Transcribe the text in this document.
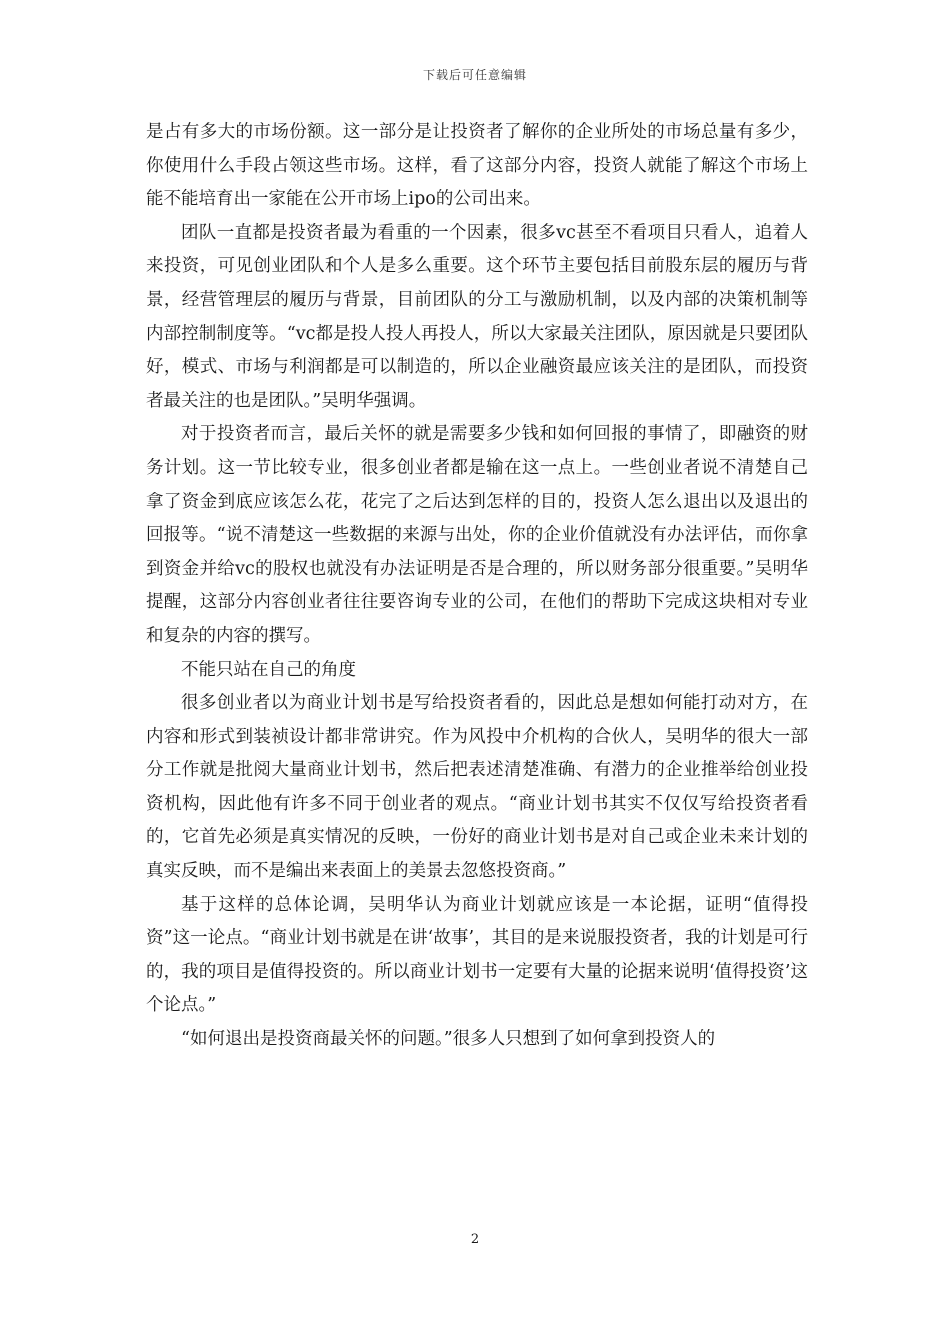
下载后可任意编辑

是占有多大的市场份额。这一部分是让投资者了解你的企业所处的市场总量有多少，你使用什么手段占领这些市场。这样，看了这部分内容，投资人就能了解这个市场上能不能培育出一家能在公开市场上ipo的公司出来。

团队一直都是投资者最为看重的一个因素，很多vc甚至不看项目只看人，追着人来投资，可见创业团队和个人是多么重要。这个环节主要包括目前股东层的履历与背景，经营管理层的履历与背景，目前团队的分工与激励机制，以及内部的决策机制等内部控制制度等。“vc都是投人投人再投人，所以大家最关注团队，原因就是只要团队好，模式、市场与利润都是可以制造的，所以企业融资最应该关注的是团队，而投资者最关注的也是团队。”吴明华强调。

对于投资者而言，最后关怀的就是需要多少钱和如何回报的事情了，即融资的财务计划。这一节比较专业，很多创业者都是输在这一点上。一些创业者说不清楚自己拿了资金到底应该怎么花，花完了之后达到怎样的目的，投资人怎么退出以及退出的回报等。“说不清楚这一些数据的来源与出处，你的企业价值就没有办法评估，而你拿到资金并给vc的股权也就没有办法证明是否是合理的，所以财务部分很重要。”吴明华提醒，这部分内容创业者往往要咨询专业的公司，在他们的帮助下完成这块相对专业和复杂的内容的撰写。

不能只站在自己的角度

很多创业者以为商业计划书是写给投资者看的，因此总是想如何能打动对方，在内容和形式到装祯设计都非常讲究。作为风投中介机构的合伙人，吴明华的很大一部分工作就是批阅大量商业计划书，然后把表述清楚准确、有潜力的企业推举给创业投资机构，因此他有许多不同于创业者的观点。“商业计划书其实不仅仅写给投资者看的，它首先必须是真实情况的反映，一份好的商业计划书是对自己或企业未来计划的真实反映，而不是编出来表面上的美景去忽悠投资商。”

基于这样的总体论调，吴明华认为商业计划就应该是一本论据，证明“值得投资”这一论点。“商业计划书就是在讲‘故事’，其目的是来说服投资者，我的计划是可行的，我的项目是值得投资的。所以商业计划书一定要有大量的论据来说明‘值得投资’这个论点。”

“如何退出是投资商最关怀的问题。”很多人只想到了如何拿到投资人的

2
